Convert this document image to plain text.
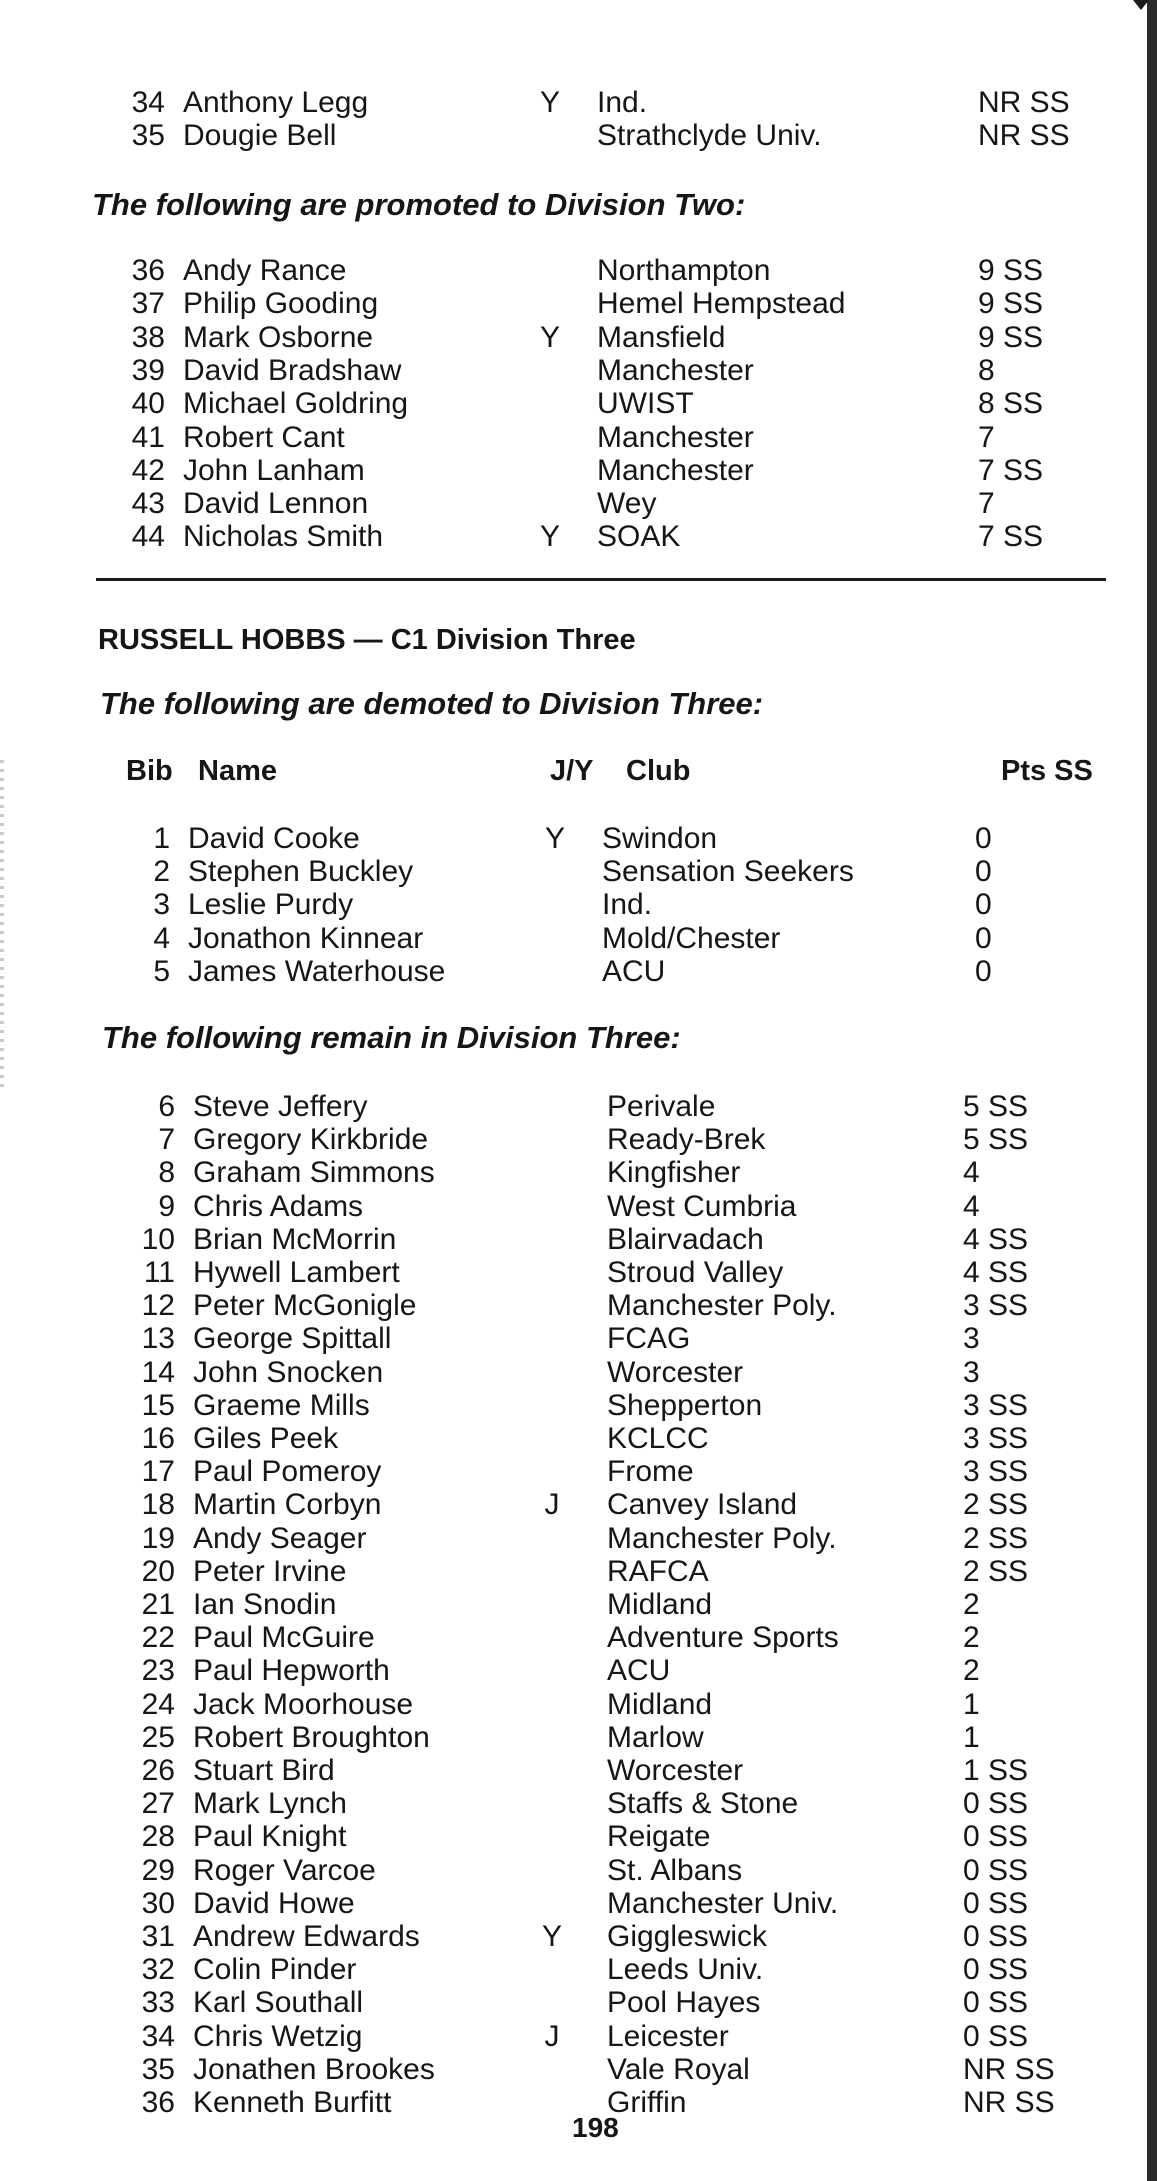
34 Anthony Legg	Y	Ind.	NR SS
35 Dougie Bell	Strathclyde Univ.	NR SS
The following are promoted to Division Two:
36 Andy Rance	Northampton	9 SS
37 Philip Gooding	Hemel Hempstead	9 SS
38 Mark Osborne	Y	Mansfield	9 SS
39 David Bradshaw	Manchester	8
40 Michael Goldring	UWIST	8 SS
41 Robert Cant	Manchester	7
42 John Lanham	Manchester	7 SS
43 David Lennon	Wey	7
44 Nicholas Smith	Y	SOAK	7 SS
RUSSELL HOBBS — C1 Division Three
The following are demoted to Division Three:
Bib Name	J/Y Club	Pts SS
1 David Cooke	Y	Swindon	0
2 Stephen Buckley	Sensation Seekers	0
3 Leslie Purdy	Ind.	0
4 Jonathon Kinnear	Mold/Chester	0
5 James Waterhouse	ACU	0
The following remain in Division Three:
6 Steve Jeffery	Perivale	5 SS
7 Gregory Kirkbride	Ready-Brek	5 SS
8 Graham Simmons	Kingfisher	4
9 Chris Adams	West Cumbria	4
10 Brian McMorrin	Blairvadach	4 SS
11 Hywell Lambert	Stroud Valley	4 SS
12 Peter McGonigle	Manchester Poly.	3 SS
13 George Spittall	FCAG	3
14 John Snocken	Worcester	3
15 Graeme Mills	Shepperton	3 SS
16 Giles Peek	KCLCC	3 SS
17 Paul Pomeroy	Frome	3 SS
18 Martin Corbyn	J	Canvey Island	2 SS
19 Andy Seager	Manchester Poly.	2 SS
20 Peter Irvine	RAFCA	2 SS
21 Ian Snodin	Midland	2
22 Paul McGuire	Adventure Sports	2
23 Paul Hepworth	ACU	2
24 Jack Moorhouse	Midland	1
25 Robert Broughton	Marlow	1
26 Stuart Bird	Worcester	1 SS
27 Mark Lynch	Staffs & Stone	0 SS
28 Paul Knight	Reigate	0 SS
29 Roger Varcoe	St. Albans	0 SS
30 David Howe	Manchester Univ.	0 SS
31 Andrew Edwards	Y	Giggleswick	0 SS
32 Colin Pinder	Leeds Univ.	0 SS
33 Karl Southall	Pool Hayes	0 SS
34 Chris Wetzig	J	Leicester	0 SS
35 Jonathen Brookes	Vale Royal	NR SS
36 Kenneth Burfitt	Griffin	NR SS
198
